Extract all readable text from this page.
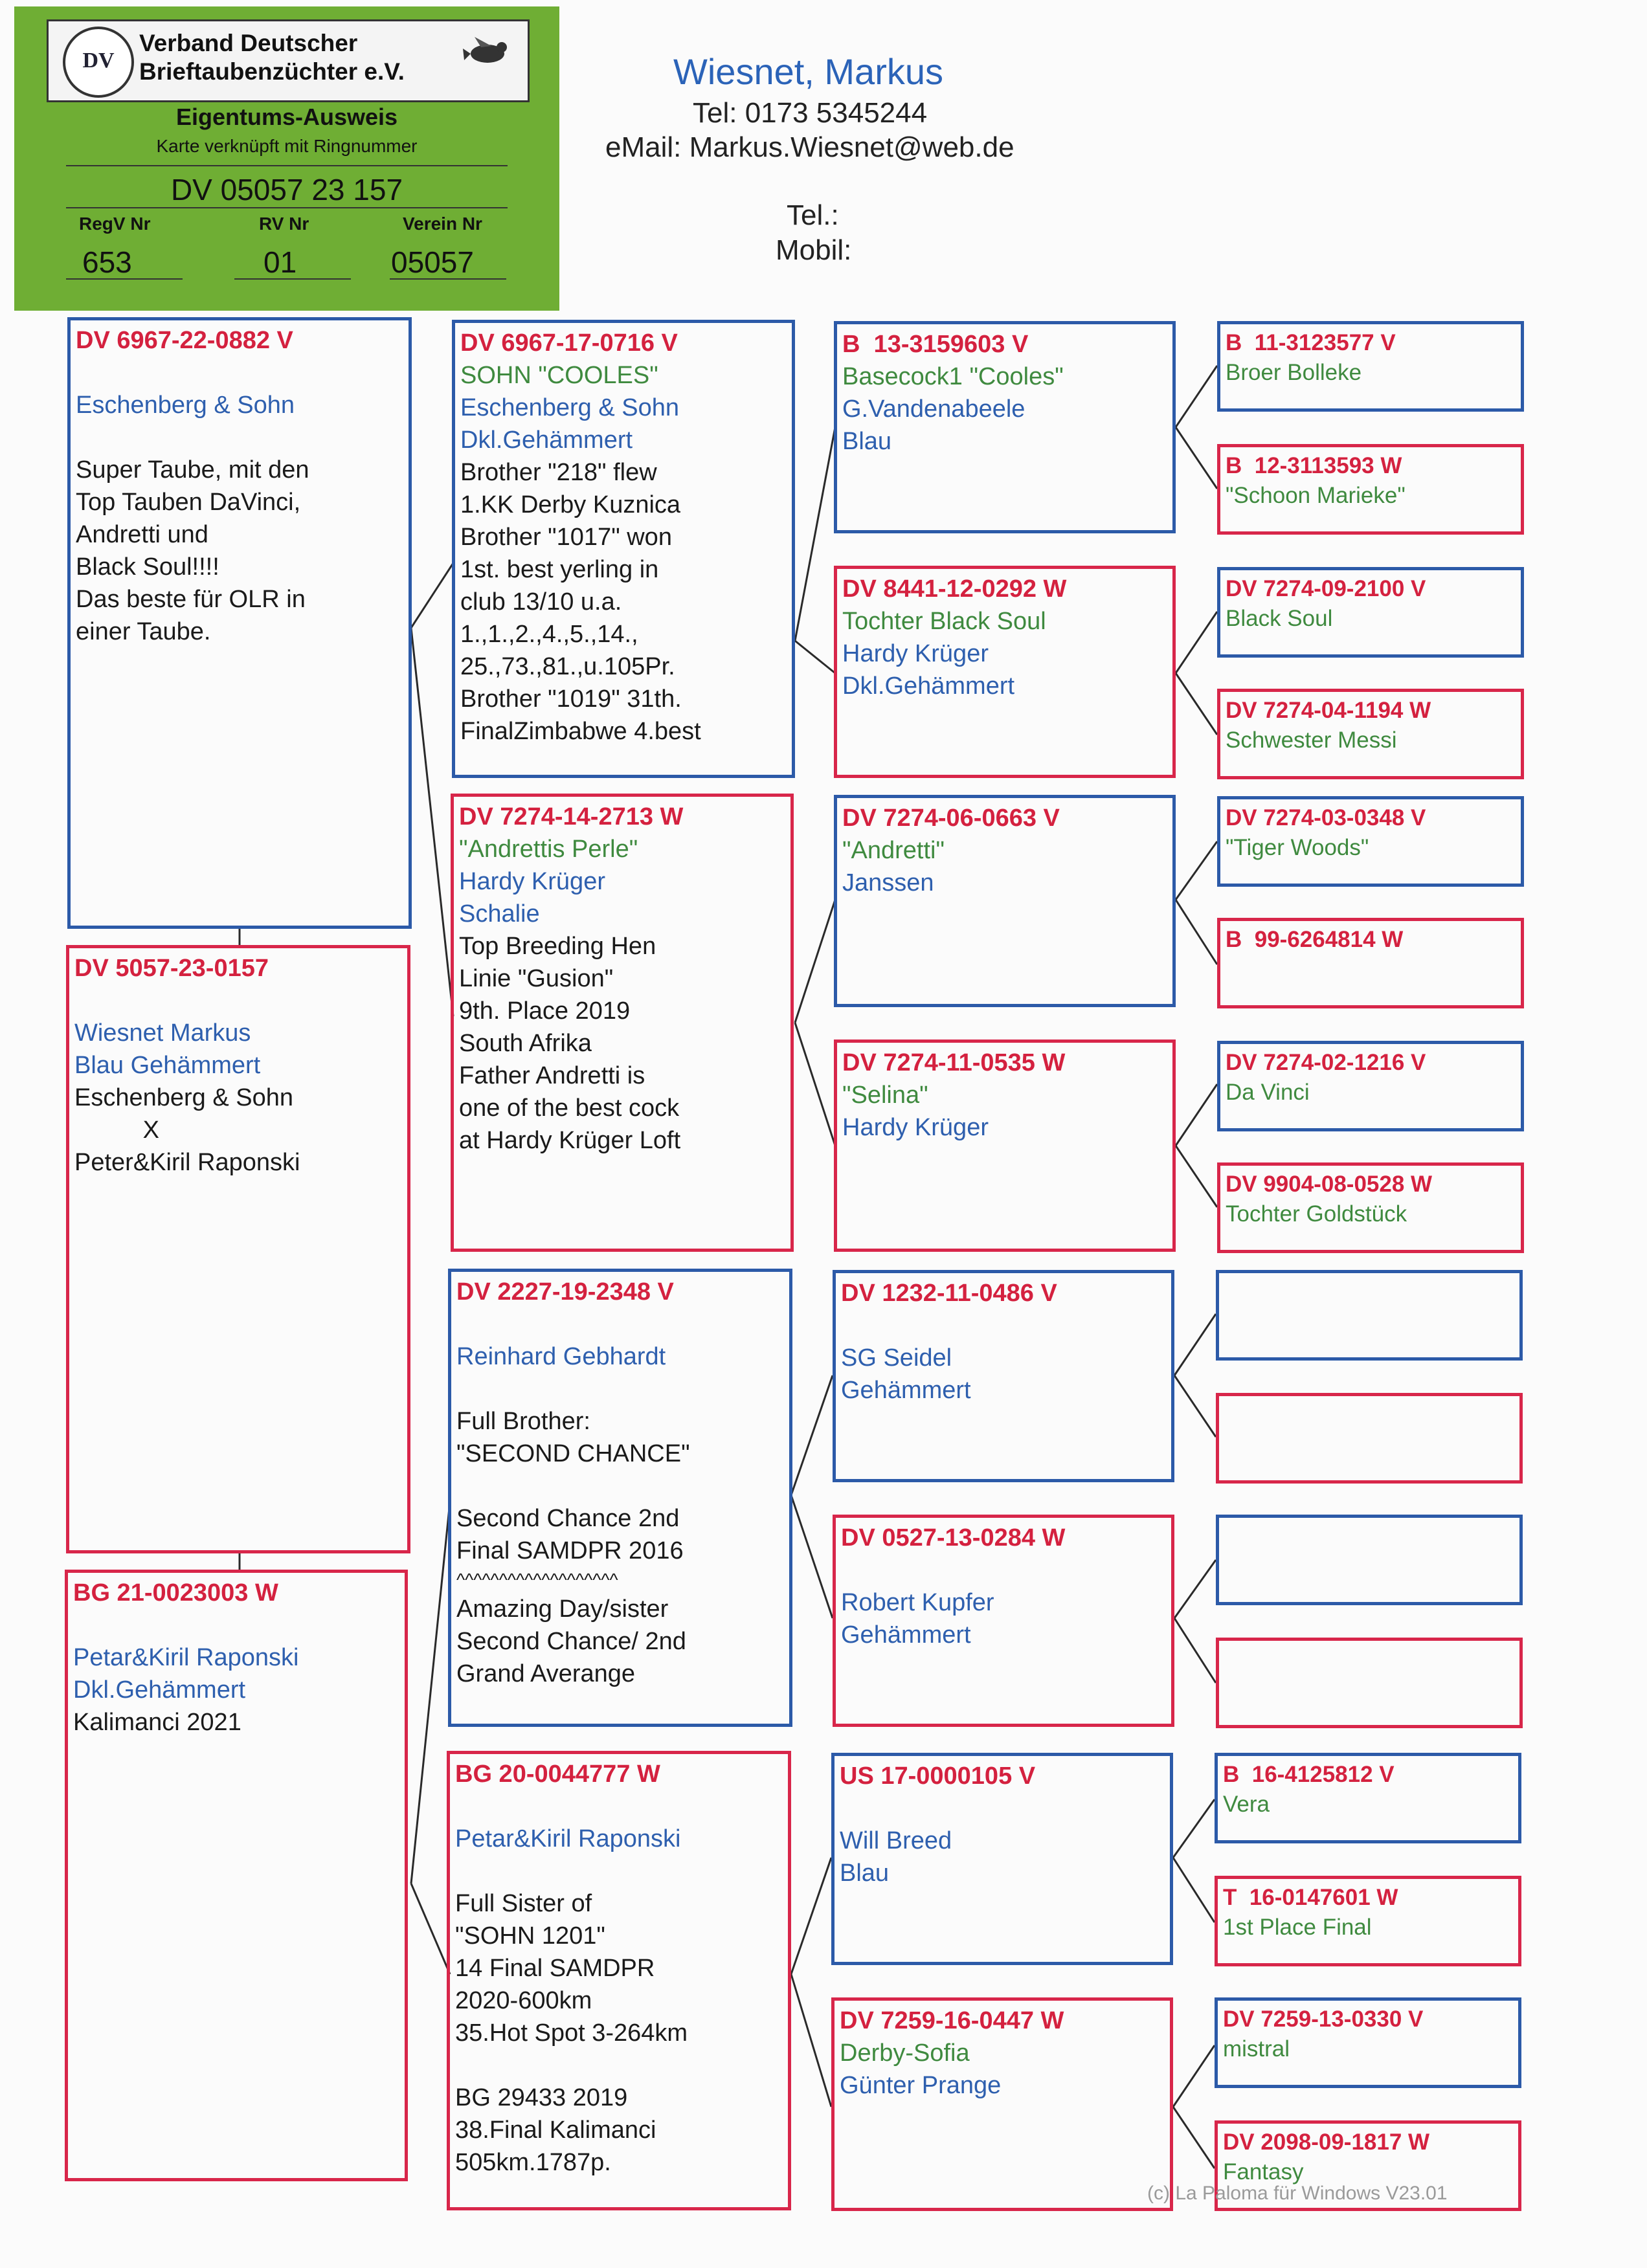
DV
Verband Deutscher
Brieftaubenzüchter e.V.
Eigentums-Ausweis
Karte verknüpft mit Ringnummer
DV 05057 23 157
RegV Nr	RV Nr	Verein Nr
653	01	05057
Wiesnet, Markus
Tel: 0173 5345244
eMail: Markus.Wiesnet@web.de
Tel.:
Mobil:
DV 6967-22-0882 V

Eschenberg & Sohn

Super Taube, mit den
Top Tauben DaVinci,
Andretti und
Black Soul!!!!
Das beste für OLR in
einer Taube.
DV 5057-23-0157

Wiesnet Markus
Blau Gehämmert
Eschenberg & Sohn
X
Peter&Kiril Raponski
BG 21-0023003 W

Petar&Kiril Raponski
Dkl.Gehämmert
Kalimanci 2021
DV 6967-17-0716 V
SOHN "COOLES"
Eschenberg & Sohn
Dkl.Gehämmert
Brother "218" flew
1.KK Derby Kuznica
Brother "1017" won
1st. best yerling in
club 13/10 u.a.
1.,1.,2.,4.,5.,14.,
25.,73.,81.,u.105Pr.
Brother "1019" 31th.
FinalZimbabwe 4.best
DV 7274-14-2713 W
"Andrettis Perle"
Hardy Krüger
Schalie
Top Breeding Hen
Linie "Gusion"
9th. Place 2019
South Afrika
Father Andretti is
one of the best cock
at Hardy Krüger Loft
DV 2227-19-2348 V

Reinhard Gebhardt

Full Brother:
"SECOND CHANCE"

Second Chance 2nd
Final SAMDPR 2016
^^^^^^^^^^^^^^^^^^^
Amazing Day/sister
Second Chance/ 2nd
Grand Averange
BG 20-0044777 W

Petar&Kiril Raponski

Full Sister of
"SOHN 1201"
14 Final SAMDPR
2020-600km
35.Hot Spot 3-264km

BG 29433 2019
38.Final Kalimanci
505km.1787p.
B  13-3159603 V
Basecock1 "Cooles"
G.Vandenabeele
Blau
DV 8441-12-0292 W
Tochter Black Soul
Hardy Krüger
Dkl.Gehämmert
DV 7274-06-0663 V
"Andretti"
Janssen
DV 7274-11-0535 W
"Selina"
Hardy Krüger
DV 1232-11-0486 V

SG Seidel
Gehämmert
DV 0527-13-0284 W

Robert Kupfer
Gehämmert
US 17-0000105 V

Will Breed
Blau
DV 7259-16-0447 W
Derby-Sofia
Günter Prange
B  11-3123577 V
Broer Bolleke
B  12-3113593 W
"Schoon Marieke"
DV 7274-09-2100 V
Black Soul
DV 7274-04-1194 W
Schwester Messi
DV 7274-03-0348 V
"Tiger Woods"
B  99-6264814 W

DV 7274-02-1216 V
Da Vinci
DV 9904-08-0528 W
Tochter Goldstück

B  16-4125812 V
Vera
T  16-0147601 W
1st Place Final
DV 7259-13-0330 V
mistral
DV 2098-09-1817 W
Fantasy
(c) La Paloma für Windows V23.01
